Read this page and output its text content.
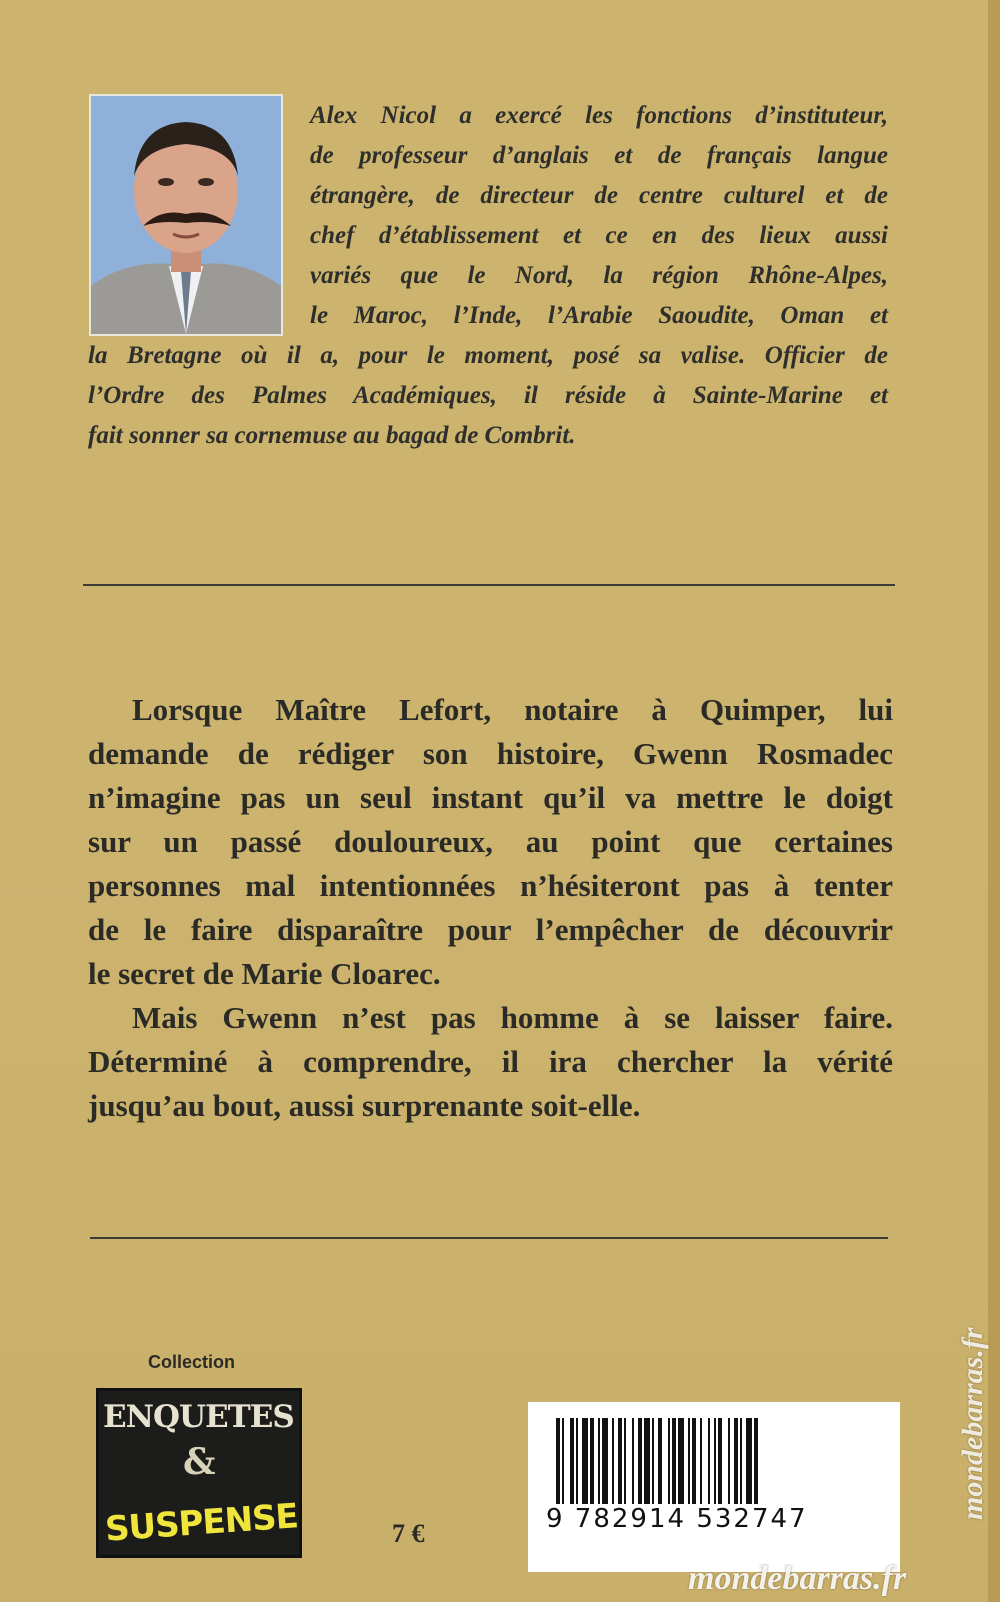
Alex Nicol a exercé les fonctions d’instituteur,
de professeur d’anglais et de français langue
étrangère, de directeur de centre culturel et de
chef d’établissement et ce en des lieux aussi
variés que le Nord, la région Rhône-Alpes,
le Maroc, l’Inde, l’Arabie Saoudite, Oman et
la Bretagne où il a, pour le moment, posé sa valise. Officier de
l’Ordre des Palmes Académiques, il réside à Sainte-Marine et
fait sonner sa cornemuse au bagad de Combrit.
Lorsque Maître Lefort, notaire à Quimper, lui
demande de rédiger son histoire, Gwenn Rosmadec
n’imagine pas un seul instant qu’il va mettre le doigt
sur un passé douloureux, au point que certaines
personnes mal intentionnées n’hésiteront pas à tenter
de le faire disparaître pour l’empêcher de découvrir
le secret de Marie Cloarec.
Mais Gwenn n’est pas homme à se laisser faire.
Déterminé à comprendre, il ira chercher la vérité
jusqu’au bout, aussi surprenante soit-elle.
Collection
ENQUETES
&
SUSPENSE	7 €	9 782914 532747	mondebarras.fr
mondebarras.fr
